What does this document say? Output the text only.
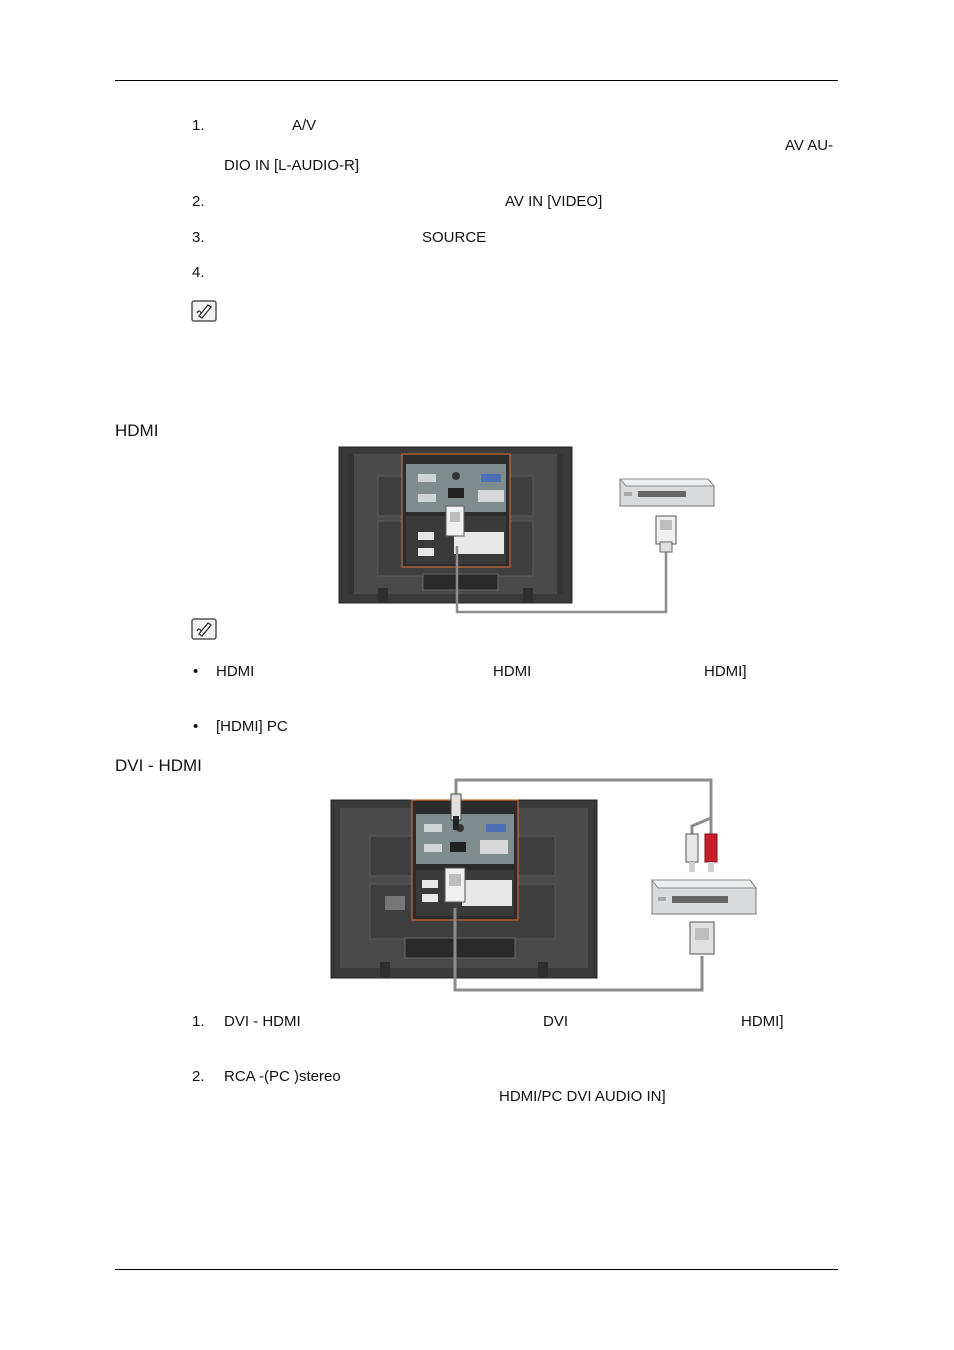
1.	A/V
AV AU-
DIO IN [L-AUDIO-R]
2.	AV IN [VIDEO]
3.	SOURCE
4.
HDMI
• HDMI	HDMI	HDMI]
• [HDMI] PC
DVI - HDMI
1. DVI - HDMI	DVI	HDMI]
2. RCA -(PC )stereo
HDMI/PC DVI AUDIO IN]
